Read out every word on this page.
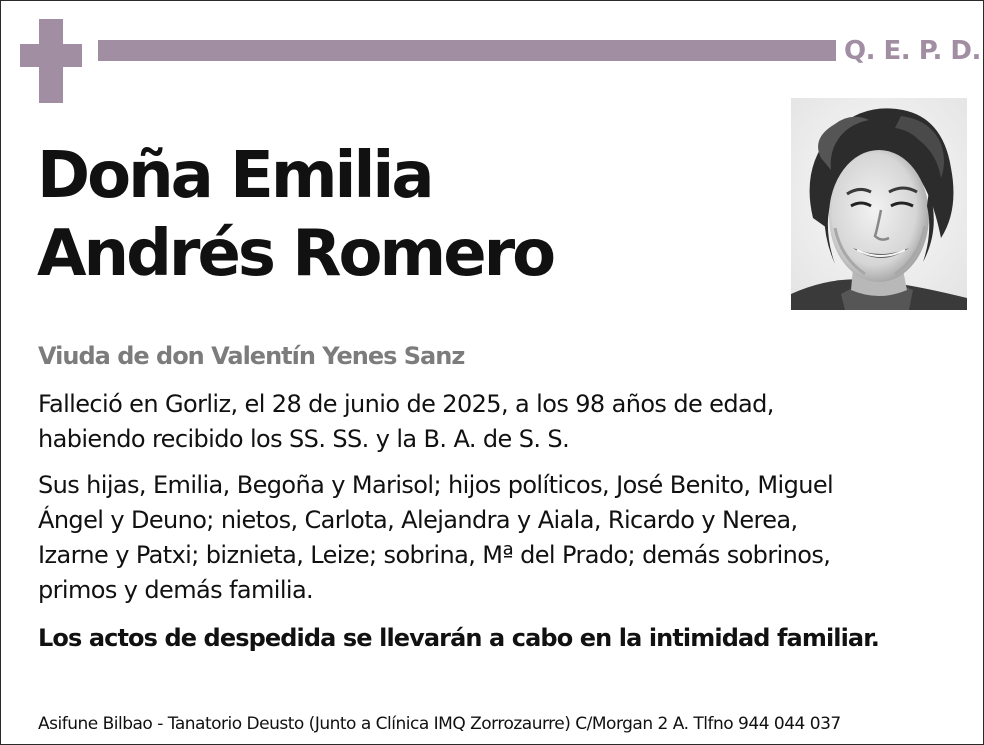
Q. E. P. D.
Doña Emilia
Andrés Romero
Viuda de don Valentín Yenes Sanz
Falleció en Gorliz, el 28 de junio de 2025, a los 98 años de edad,
habiendo recibido los SS. SS. y la B. A. de S. S.
Sus hijas, Emilia, Begoña y Marisol; hijos políticos, José Benito, Miguel
Ángel y Deuno; nietos, Carlota, Alejandra y Aiala, Ricardo y Nerea,
Izarne y Patxi; biznieta, Leize; sobrina, Mª del Prado; demás sobrinos,
primos y demás familia.
Los actos de despedida se llevarán a cabo en la intimidad familiar.
Asifune Bilbao - Tanatorio Deusto (Junto a Clínica IMQ Zorrozaurre) C/Morgan 2 A. Tlfno 944 044 037
